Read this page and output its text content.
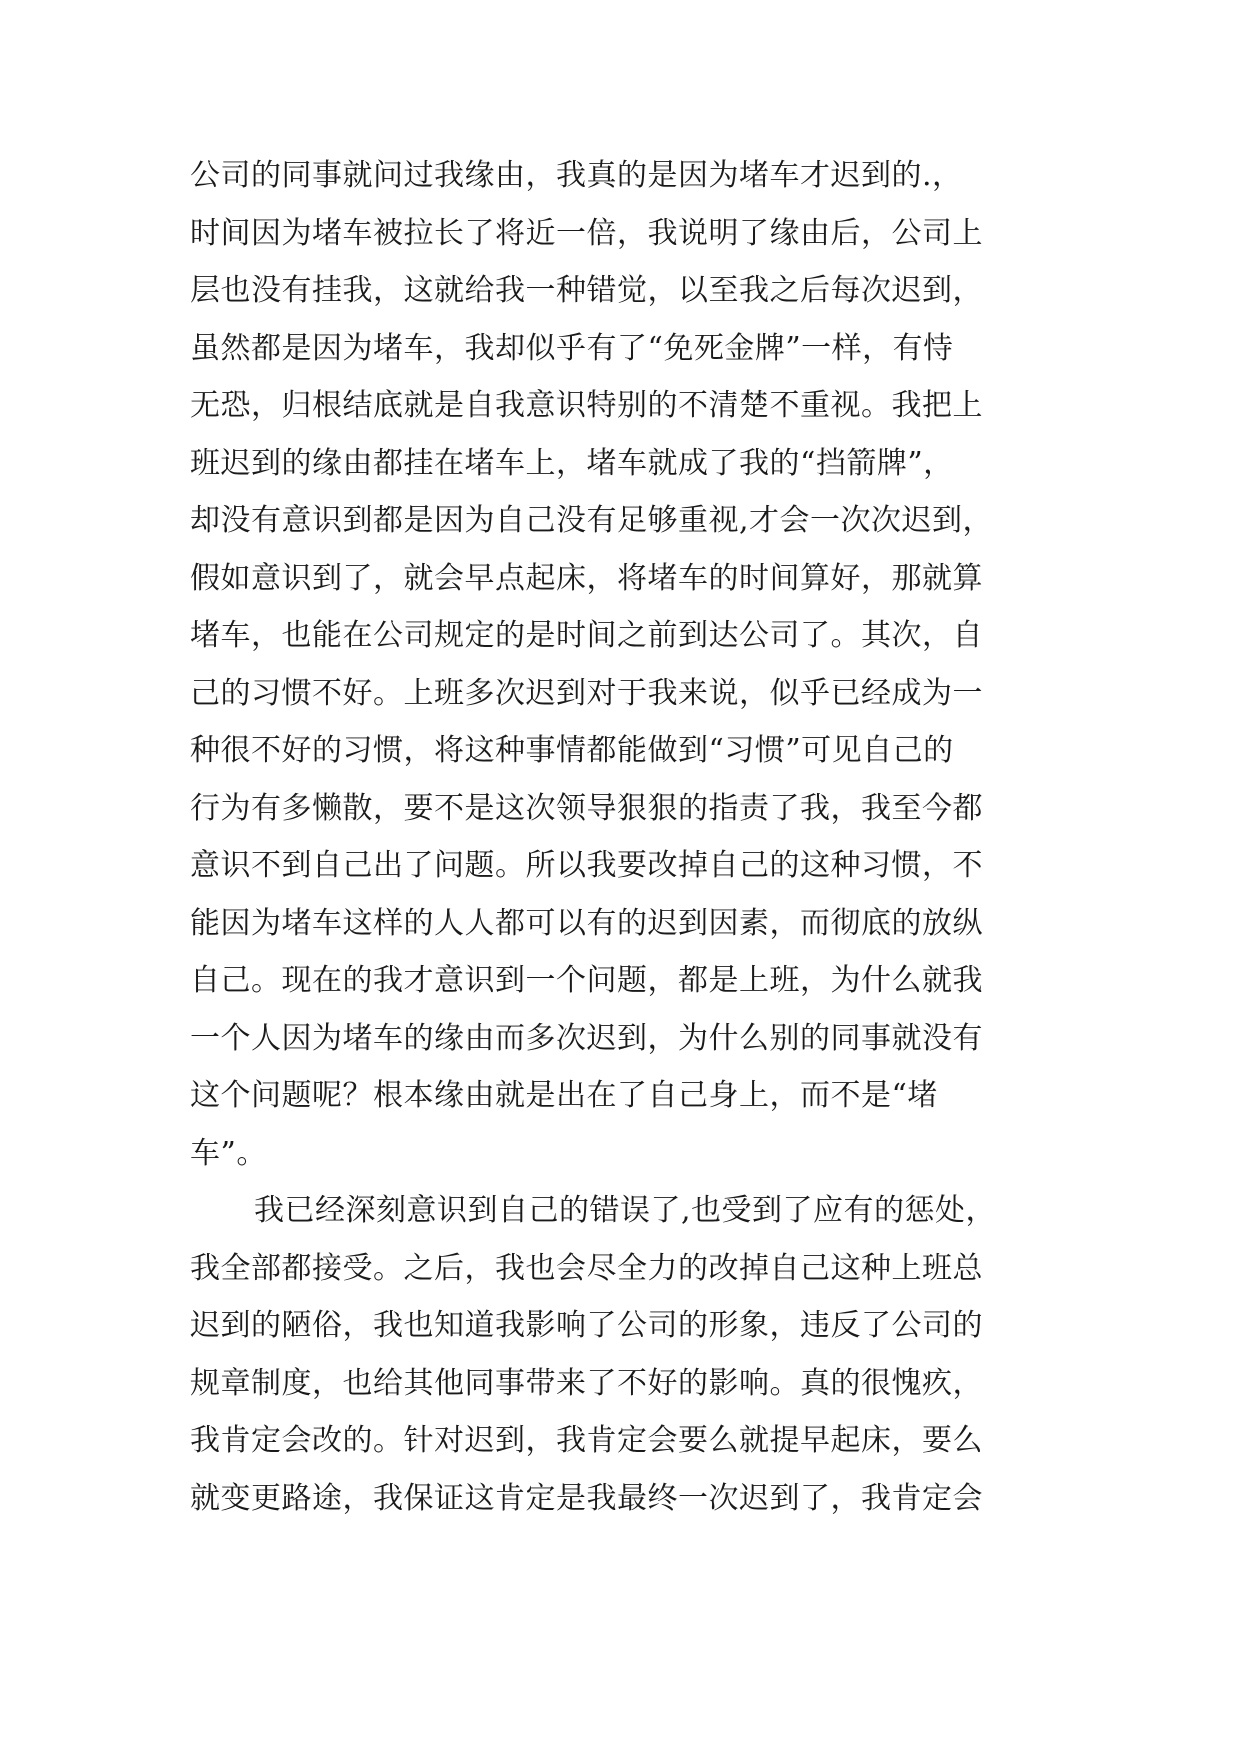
公司的同事就问过我缘由，我真的是因为堵车才迟到的.，
时间因为堵车被拉长了将近一倍，我说明了缘由后，公司上
层也没有挂我，这就给我一种错觉，以至我之后每次迟到，
虽然都是因为堵车，我却似乎有了“免死金牌”一样，有恃
无恐，归根结底就是自我意识特别的不清楚不重视。我把上
班迟到的缘由都挂在堵车上，堵车就成了我的“挡箭牌”，
却没有意识到都是因为自己没有足够重视,才会一次次迟到，
假如意识到了，就会早点起床，将堵车的时间算好，那就算
堵车，也能在公司规定的是时间之前到达公司了。其次，自
己的习惯不好。上班多次迟到对于我来说，似乎已经成为一
种很不好的习惯，将这种事情都能做到“习惯”可见自己的
行为有多懒散，要不是这次领导狠狠的指责了我，我至今都
意识不到自己出了问题。所以我要改掉自己的这种习惯，不
能因为堵车这样的人人都可以有的迟到因素，而彻底的放纵
自己。现在的我才意识到一个问题，都是上班，为什么就我
一个人因为堵车的缘由而多次迟到，为什么别的同事就没有
这个问题呢？根本缘由就是出在了自己身上，而不是“堵
车”。
我已经深刻意识到自己的错误了,也受到了应有的惩处，
我全部都接受。之后，我也会尽全力的改掉自己这种上班总
迟到的陋俗，我也知道我影响了公司的形象，违反了公司的
规章制度，也给其他同事带来了不好的影响。真的很愧疚，
我肯定会改的。针对迟到，我肯定会要么就提早起床，要么
就变更路途，我保证这肯定是我最终一次迟到了，我肯定会
